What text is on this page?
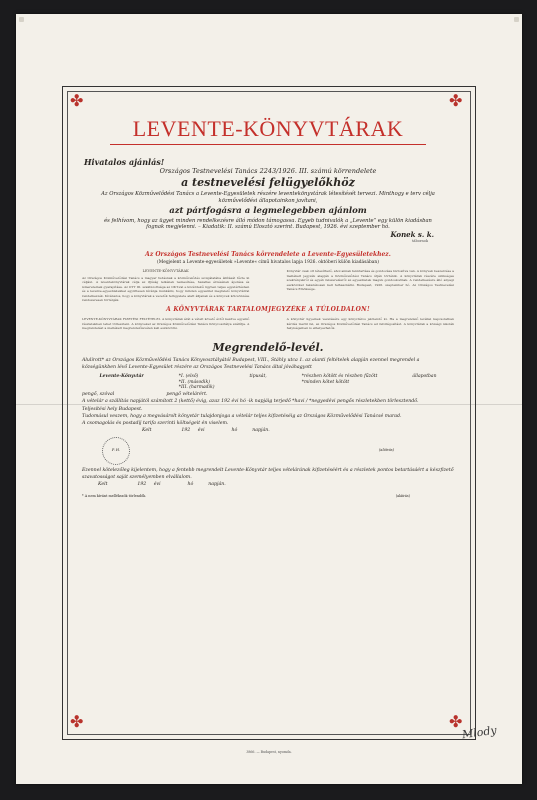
✤	✤
✤	✤
LEVENTE-KÖNYVTÁRAK
Hivatalos ajánlás!
Országos Testnevelési Tanács 2243/1926. III. számú körrendelete
a testnevelési felügyelőkhöz
Az Országos Közművelődési Tanács a Levente-Egyesületek részére leventekönyvtárak létesítését tervezi. Minthogy e terv célja közművelődési állapotainkon javítani,
azt pártfogásra a legmelegebben ajánlom
és felhívom, hogy az ügyet minden rendelkezésre álló módon támogassa. Egyeb tudnivalók a „Levente” egy külön kiadásban fognak megjelenni. – Kiadatik: II. számú Elosztó szerint. Budapest, 1926. évi szeptember hó.
Konek s. k.
tábornok
Az Országos Testnevelési Tanács körrendelete a Levente-Egyesületekhez.
(Megjelent a Levente-egyesületek »Levente« című hivatalos lapja 1926. októberi külön kiadásában)
LEVENTE-KÖNYVTÁRAK
Az Országos Közművelődési Tanács a magyar tudásnak a közművelődés szolgálatába állítását tűzte ki céljául. A leventekönyvtárak célja az ifjúság lelkének nemesítése, hazafias érzésének ápolása és ismereteinek gyarapítása. Az OTT III. szakbizottsága az OKT-val e közérdekű ügyben teljes egyetértésben és a levente-egyesületekkel együttesen kívánja munkálni, hogy minden egyesület megfelelő könyvtárral rendelkezzék. Kívánatos, hogy a könyvtárak a vezetők felügyelete alatt álljanak és a könyvek kölcsönzése rendszeresen történjék.
Könyvtár csak ott létesíthető, ahol annak fenntartása és gondozása biztosítva van. A könyvek beszerzése a mellékelt jegyzék alapján a Közművelődési Tanács útján történik. A könyvtárak részére szükséges szekrényekről és egyéb felszerelésről az egyesületek maguk gondoskodnak. A rendelkezésre álló anyagi eszközöket takarékosan kell felhasználni. Budapest, 1926. szeptember hó. Az Országos Testnevelési Tanács Elnöksége.
A KÖNYVTÁRAK TARTALOMJEGYZÉKE A TÚLOLDALON!
LEVENTE-KÖNYVTÁRAK FIZETÉSI FELTÉTELEI. A könyvtárak árát a vételt követő évtől kezdve egyenlő részletekben lehet törleszteni. A könyveket az Országos Közművelődési Tanács Könyvosztálya szállítja. A megrendelést a mellékelt megrendelőlevélen kell eszközölni.
A könyvtár ügyeinek vezetésére egy könyvtáros jelölendő ki. Ha a megrendelő levéllel kapcsolatban kérdés merül fel, az Országos Közművelődési Tanács ad felvilágosítást. A könyvtárak a községi iskolák helyiségeiben is elhelyezhetők.
Megrendelő-levél.
Alulírott* az Országos Közművelődési Tanács Könyvosztályától Budapest, VIII., Stáhly utca 1. az alanti feltételek alapján ezennel megrendel a községünkben lévő Levente-Egyesület részére az Országos Testnevelési Tanács által jóváhagyott
Levente-Könyvtár	*I. (első)
*II. (második)
*III. (harmadik)
tipusát,	*részben kötött és részben fűzött
*minden kötet kötött
állapotban
pengő, szóval                                   pengő vételárért.
A vételár a szállítás napjától számított 2 (kettő) évig, azaz 192 évi hó -ik napjáig terjedő *havi / *negyedévi pengős részletekben törlesztendő.
Teljesítési hely Budapest.
Tudomásul veszem, hogy a megvásárolt könyvtár tulajdonjoga a vételár teljes kifizetéséig az Országos Közművelődési Tanácsé marad.
A csomagolás és postadíj tarifa szerinti költségeit én viselem.
Kelt                    192     évi                  hó          napján.
P. H.	(aláírás)
Ezennel kötelezőleg kijelentem, hogy a fentebb megrendelt Levente-Könyvtár teljes vételárának kifizetéséért és a részletek pontos betartásáért a készfizető szavatosságot saját személyemben elvállalom.
Kelt                    192     évi                  hó          napján.
* A nem kívánt mellékszók törlendők.	(aláírás)
3866. — Budapest, nyomda.
Mlody
